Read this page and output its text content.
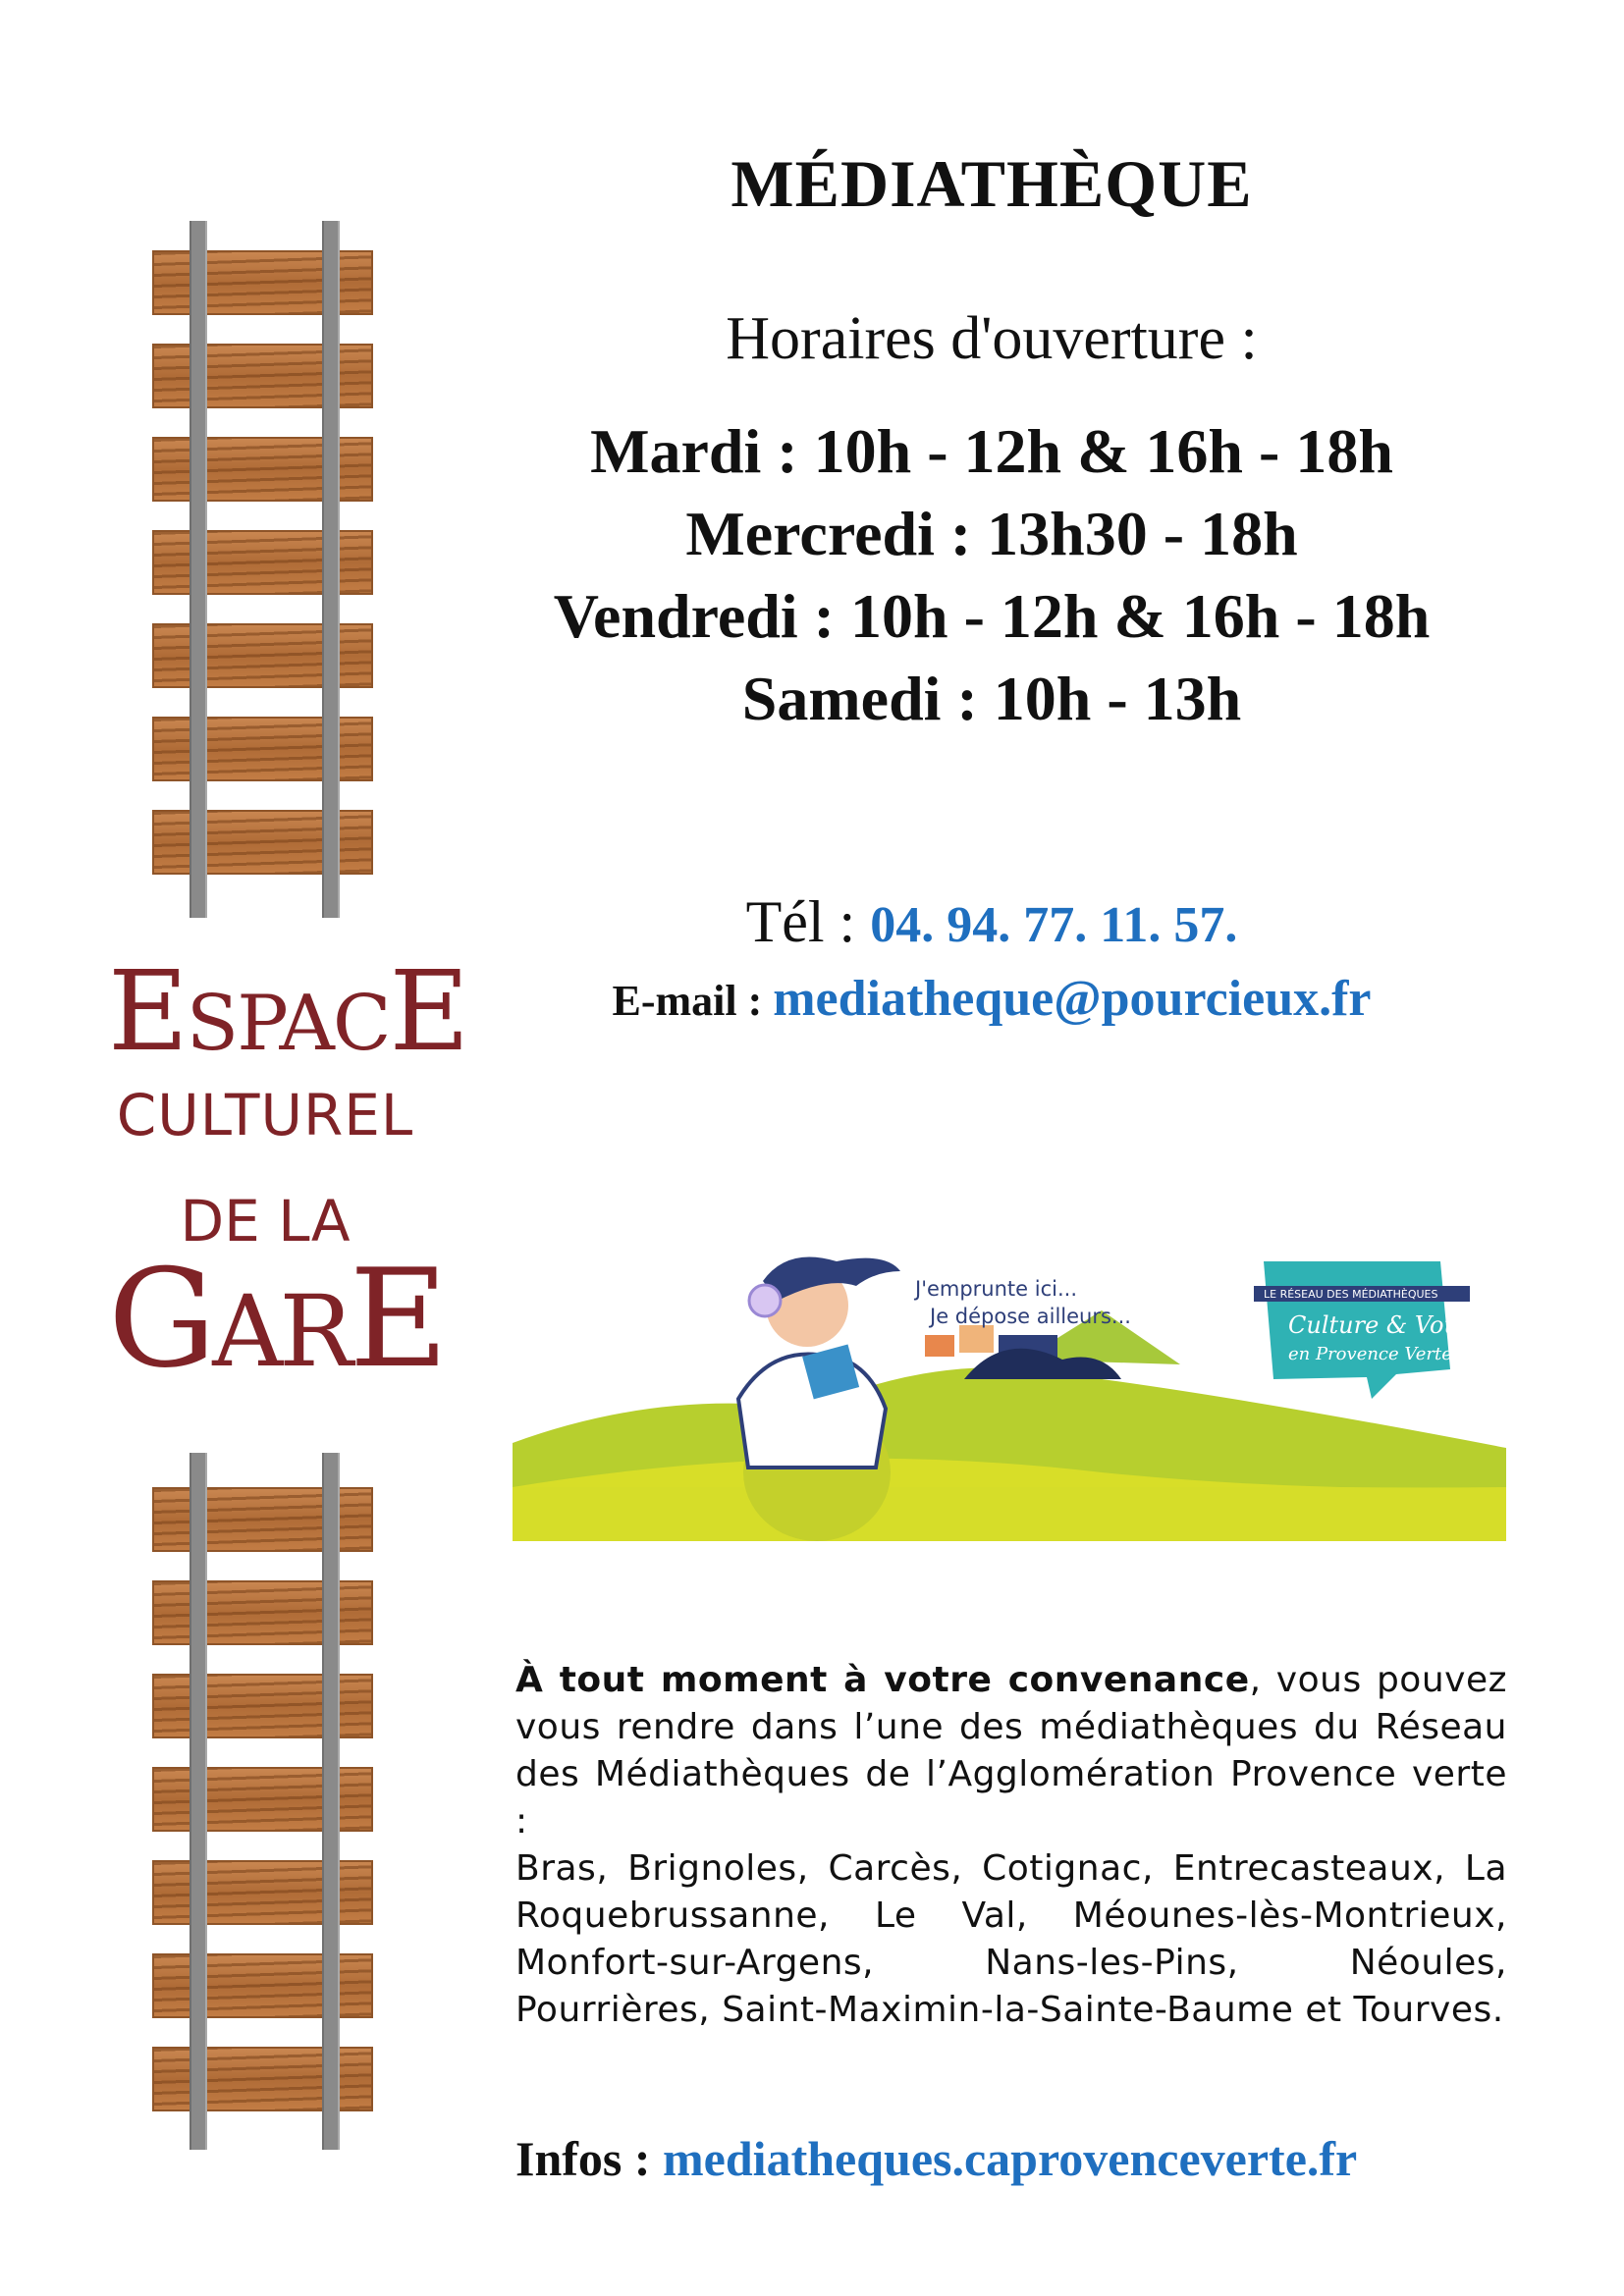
ESPACE
CULTUREL
DE LA
GARE
MÉDIATHÈQUE
Horaires d'ouverture :
Mardi : 10h - 12h & 16h - 18h
Mercredi : 13h30 - 18h
Vendredi : 10h - 12h & 16h - 18h
Samedi : 10h - 13h
Tél : 04. 94. 77. 11. 57.
E-mail : mediatheque@pourcieux.fr
J'emprunte ici...
Je dépose ailleurs...
LE RÉSEAU DES MÉDIATHÈQUES
Culture & Vous
en Provence Verte
À tout moment à votre convenance, vous pouvez vous rendre dans l’une des médiathèques du Réseau des Médiathèques de l’Agglomération Provence verte :
Bras, Brignoles, Carcès, Cotignac, Entrecasteaux, La Roquebrussanne, Le Val, Méounes-lès-Montrieux, Monfort-sur-Argens, Nans-les-Pins, Néoules, Pourrières, Saint-Maximin-la-Sainte-Baume et Tourves.
Infos : mediatheques.caprovenceverte.fr
